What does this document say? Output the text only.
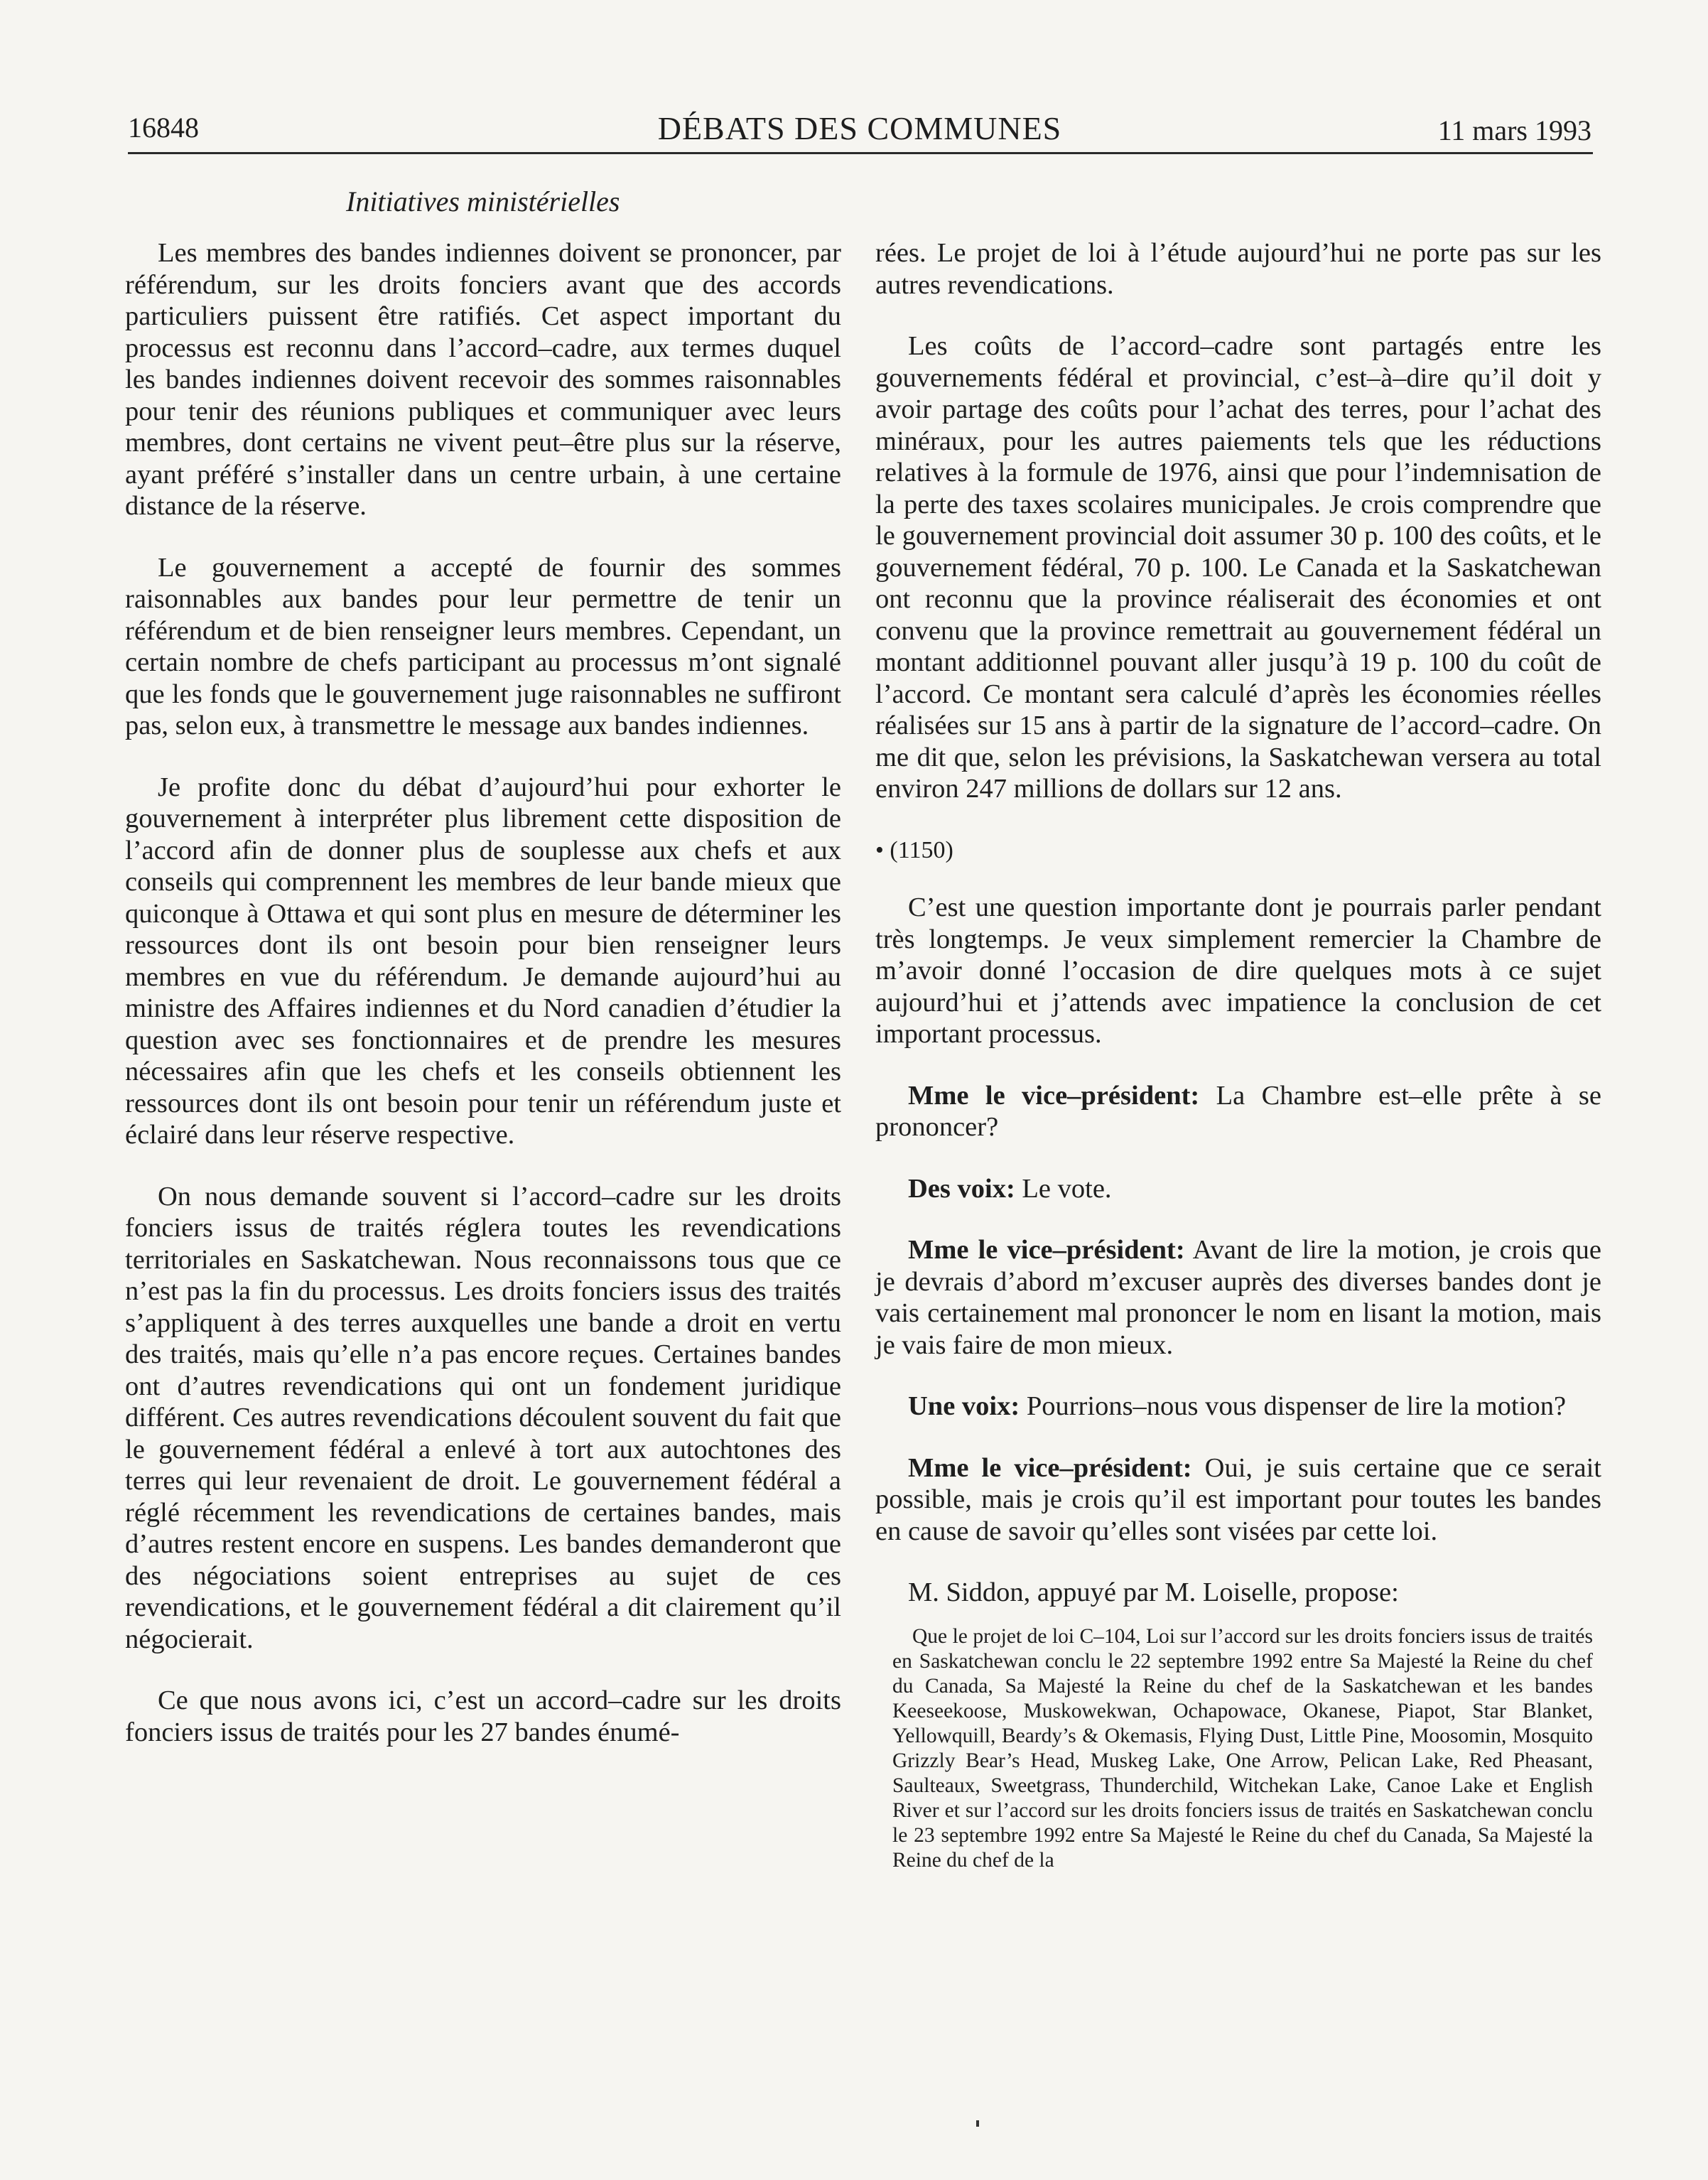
16848	DÉBATS DES COMMUNES	11 mars 1993
Initiatives ministérielles

Les membres des bandes indiennes doivent se prononcer, par référendum, sur les droits fonciers avant que des accords particuliers puissent être ratifiés. Cet aspect important du processus est reconnu dans l’accord–cadre, aux termes duquel les bandes indiennes doivent recevoir des sommes raisonnables pour tenir des réunions publiques et communiquer avec leurs membres, dont certains ne vivent peut–être plus sur la réserve, ayant préféré s’installer dans un centre urbain, à une certaine distance de la réserve.

Le gouvernement a accepté de fournir des sommes raisonnables aux bandes pour leur permettre de tenir un référendum et de bien renseigner leurs membres. Cependant, un certain nombre de chefs participant au processus m’ont signalé que les fonds que le gouvernement juge raisonnables ne suffiront pas, selon eux, à transmettre le message aux bandes indiennes.

Je profite donc du débat d’aujourd’hui pour exhorter le gouvernement à interpréter plus librement cette disposition de l’accord afin de donner plus de souplesse aux chefs et aux conseils qui comprennent les membres de leur bande mieux que quiconque à Ottawa et qui sont plus en mesure de déterminer les ressources dont ils ont besoin pour bien renseigner leurs membres en vue du référendum. Je demande aujourd’hui au ministre des Affaires indiennes et du Nord canadien d’étudier la question avec ses fonctionnaires et de prendre les mesures nécessaires afin que les chefs et les conseils obtiennent les ressources dont ils ont besoin pour tenir un référendum juste et éclairé dans leur réserve respective.

On nous demande souvent si l’accord–cadre sur les droits fonciers issus de traités réglera toutes les revendications territoriales en Saskatchewan. Nous reconnaissons tous que ce n’est pas la fin du processus. Les droits fonciers issus des traités s’appliquent à des terres auxquelles une bande a droit en vertu des traités, mais qu’elle n’a pas encore reçues. Certaines bandes ont d’autres revendications qui ont un fondement juridique différent. Ces autres revendications découlent souvent du fait que le gouvernement fédéral a enlevé à tort aux autochtones des terres qui leur revenaient de droit. Le gouvernement fédéral a réglé récemment les revendications de certaines bandes, mais d’autres restent encore en suspens. Les bandes demanderont que des négociations soient entreprises au sujet de ces revendications, et le gouvernement fédéral a dit clairement qu’il négocierait.

Ce que nous avons ici, c’est un accord–cadre sur les droits fonciers issus de traités pour les 27 bandes énumé-

rées. Le projet de loi à l’étude aujourd’hui ne porte pas sur les autres revendications.

Les coûts de l’accord–cadre sont partagés entre les gouvernements fédéral et provincial, c’est–à–dire qu’il doit y avoir partage des coûts pour l’achat des terres, pour l’achat des minéraux, pour les autres paiements tels que les réductions relatives à la formule de 1976, ainsi que pour l’indemnisation de la perte des taxes scolaires municipales. Je crois comprendre que le gouvernement provincial doit assumer 30 p. 100 des coûts, et le gouvernement fédéral, 70 p. 100. Le Canada et la Saskatchewan ont reconnu que la province réaliserait des économies et ont convenu que la province remettrait au gouvernement fédéral un montant additionnel pouvant aller jusqu’à 19 p. 100 du coût de l’accord. Ce montant sera calculé d’après les économies réelles réalisées sur 15 ans à partir de la signature de l’accord–cadre. On me dit que, selon les prévisions, la Saskatchewan versera au total environ 247 millions de dollars sur 12 ans.

• (1150)

C’est une question importante dont je pourrais parler pendant très longtemps. Je veux simplement remercier la Chambre de m’avoir donné l’occasion de dire quelques mots à ce sujet aujourd’hui et j’attends avec impatience la conclusion de cet important processus.

Mme le vice–président: La Chambre est–elle prête à se prononcer?

Des voix: Le vote.

Mme le vice–président: Avant de lire la motion, je crois que je devrais d’abord m’excuser auprès des diverses bandes dont je vais certainement mal prononcer le nom en lisant la motion, mais je vais faire de mon mieux.

Une voix: Pourrions–nous vous dispenser de lire la motion?

Mme le vice–président: Oui, je suis certaine que ce serait possible, mais je crois qu’il est important pour toutes les bandes en cause de savoir qu’elles sont visées par cette loi.

M. Siddon, appuyé par M. Loiselle, propose:

Que le projet de loi C–104, Loi sur l’accord sur les droits fonciers issus de traités en Saskatchewan conclu le 22 septembre 1992 entre Sa Majesté la Reine du chef du Canada, Sa Majesté la Reine du chef de la Saskatchewan et les bandes Keeseekoose, Muskowekwan, Ochapowace, Okanese, Piapot, Star Blanket, Yellowquill, Beardy’s & Okemasis, Flying Dust, Little Pine, Moosomin, Mosquito Grizzly Bear’s Head, Muskeg Lake, One Arrow, Pelican Lake, Red Pheasant, Saulteaux, Sweetgrass, Thunderchild, Witchekan Lake, Canoe Lake et English River et sur l’accord sur les droits fonciers issus de traités en Saskatchewan conclu le 23 septembre 1992 entre Sa Majesté le Reine du chef du Canada, Sa Majesté la Reine du chef de la
